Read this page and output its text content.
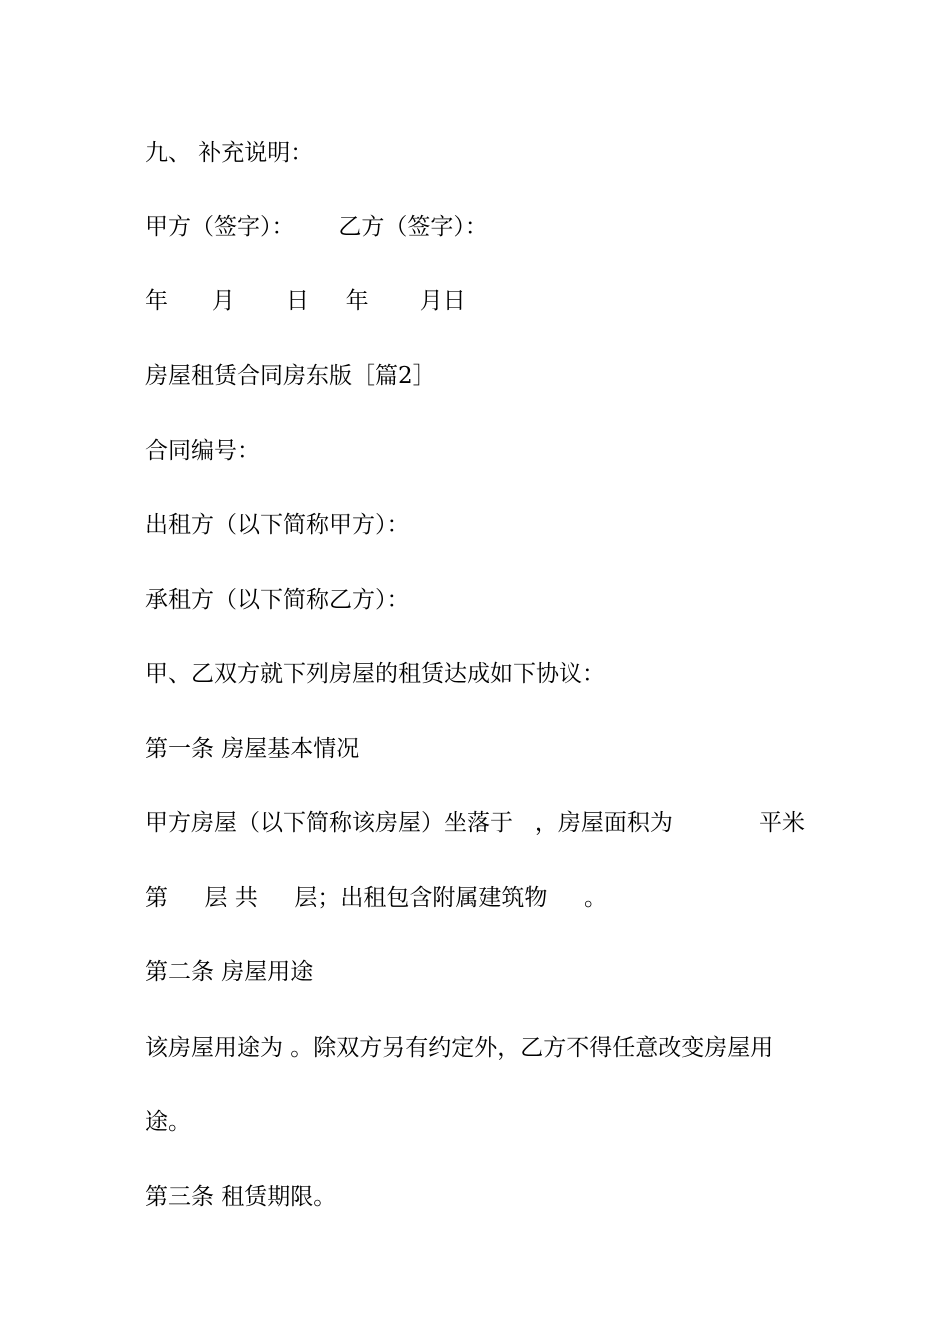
九、 补充说明：

甲方（签字）：      乙方（签字）：

年      月       日     年       月日

房屋租赁合同房东版［篇2］

合同编号：

出租方（以下简称甲方）：

承租方（以下简称乙方）：

甲、乙双方就下列房屋的租赁达成如下协议：

第一条 房屋基本情况

甲方房屋（以下简称该房屋）坐落于   ，房屋面积为	平米

第     层 共     层；出租包含附属建筑物     。

第二条 房屋用途

该房屋用途为 。除双方另有约定外，乙方不得任意改变房屋用

途。

第三条 租赁期限。
